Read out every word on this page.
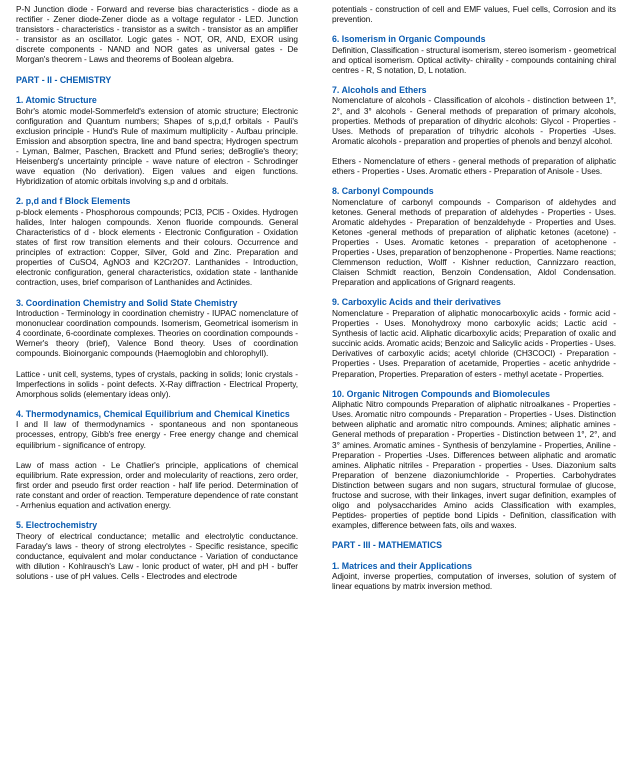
P-N Junction diode - Forward and reverse bias characteristics - diode as a rectifier - Zener diode-Zener diode as a voltage regulator - LED. Junction transistors - characteristics - transistor as a switch - transistor as an amplifier - transistor as an oscillator. Logic gates - NOT, OR, AND, EXOR using discrete components - NAND and NOR gates as universal gates - De Morgan's theorem - Laws and theorems of Boolean algebra.

PART - II - CHEMISTRY
1. Atomic Structure

Bohr's atomic model-Sommerfeld's extension of atomic structure; Electronic configuration and Quantum numbers; Shapes of s,p,d,f orbitals - Pauli's exclusion principle - Hund's Rule of maximum multiplicity - Aufbau principle. Emission and absorption spectra, line and band spectra; Hydrogen spectrum - Lyman, Balmer, Paschen, Brackett and Pfund series; deBroglie's theory; Heisenberg's uncertainty principle - wave nature of electron - Schrodinger wave equation (No derivation). Eigen values and eigen functions. Hybridization of atomic orbitals involving s,p and d orbitals.

2. p,d and f Block Elements

p-block elements - Phosphorous compounds; PCl3, PCl5 - Oxides. Hydrogen halides, Inter halogen compounds. Xenon fluoride compounds. General Characteristics of d - block elements - Electronic Configuration - Oxidation states of first row transition elements and their colours. Occurrence and principles of extraction: Copper, Silver, Gold and Zinc. Preparation and properties of CuSO4, AgNO3 and K2Cr2O7. Lanthanides - Introduction, electronic configuration, general characteristics, oxidation state - lanthanide contraction, uses, brief comparison of Lanthanides and Actinides.

3. Coordination Chemistry and Solid State Chemistry

Introduction - Terminology in coordination chemistry - IUPAC nomenclature of mononuclear coordination compounds. Isomerism, Geometrical isomerism in 4 coordinate, 6-coordinate complexes. Theories on coordination compounds - Werner's theory (brief), Valence Bond theory. Uses of coordination compounds. Bioinorganic compounds (Haemoglobin and chlorophyll).

Lattice - unit cell, systems, types of crystals, packing in solids; Ionic crystals - Imperfections in solids - point defects. X-Ray diffraction - Electrical Property, Amorphous solids (elementary ideas only).

4. Thermodynamics, Chemical Equilibrium and Chemical Kinetics

I and II law of thermodynamics - spontaneous and non spontaneous processes, entropy, Gibb's free energy - Free energy change and chemical equilibrium - significance of entropy.

Law of mass action - Le Chatlier's principle, applications of chemical equilibrium. Rate expression, order and molecularity of reactions, zero order, first order and pseudo first order reaction - half life period. Determination of rate constant and order of reaction. Temperature dependence of rate constant - Arrhenius equation and activation energy.

5. Electrochemistry

Theory of electrical conductance; metallic and electrolytic conductance. Faraday's laws - theory of strong electrolytes - Specific resistance, specific conductance, equivalent and molar conductance - Variation of conductance with dilution - Kohlrausch's Law - Ionic product of water, pH and pH - buffer solutions - use of pH values. Cells - Electrodes and electrode

potentials - construction of cell and EMF values, Fuel cells, Corrosion and its prevention.

6. Isomerism in Organic Compounds

Definition, Classification - structural isomerism, stereo isomerism - geometrical and optical isomerism. Optical activity- chirality - compounds containing chiral centres - R, S notation, D, L notation.

7. Alcohols and Ethers

Nomenclature of alcohols - Classification of alcohols - distinction between 1°, 2°, and 3° alcohols - General methods of preparation of primary alcohols, properties. Methods of preparation of dihydric alcohols: Glycol - Properties - Uses. Methods of preparation of trihydric alcohols - Properties -Uses. Aromatic alcohols - preparation and properties of phenols and benzyl alcohol.

Ethers - Nomenclature of ethers - general methods of preparation of aliphatic ethers - Properties - Uses. Aromatic ethers - Preparation of Anisole - Uses.

8. Carbonyl Compounds

Nomenclature of carbonyl compounds - Comparison of aldehydes and ketones. General methods of preparation of aldehydes - Properties - Uses. Aromatic aldehydes - Preparation of benzaldehyde - Properties and Uses. Ketones -general methods of preparation of aliphatic ketones (acetone) - Properties - Uses. Aromatic ketones - preparation of acetophenone - Properties - Uses, preparation of benzophenone - Properties. Name reactions; Clemmenson reduction, Wolff - Kishner reduction, Cannizzaro reaction, Claisen Schmidt reaction, Benzoin Condensation, Aldol Condensation. Preparation and applications of Grignard reagents.

9. Carboxylic Acids and their derivatives

Nomenclature - Preparation of aliphatic monocarboxylic acids - formic acid - Properties - Uses. Monohydroxy mono carboxylic acids; Lactic acid - Synthesis of lactic acid. Aliphatic dicarboxylic acids; Preparation of oxalic and succinic acids. Aromatic acids; Benzoic and Salicylic acids - Properties - Uses. Derivatives of carboxylic acids; acetyl chloride (CH3COCl) - Preparation - Properties - Uses. Preparation of acetamide, Properties - acetic anhydride - Preparation, Properties. Preparation of esters - methyl acetate - Properties.

10. Organic Nitrogen Compounds and Biomolecules

Aliphatic Nitro compounds Preparation of aliphatic nitroalkanes - Properties - Uses. Aromatic nitro compounds - Preparation - Properties - Uses. Distinction between aliphatic and aromatic nitro compounds. Amines; aliphatic amines - General methods of preparation - Properties - Distinction between 1°, 2°, and 3° amines. Aromatic amines - Synthesis of benzylamine - Properties, Aniline - Preparation - Properties -Uses. Differences between aliphatic and aromatic amines. Aliphatic nitriles - Preparation - properties - Uses. Diazonium salts Preparation of benzene diazoniumchloride - Properties. Carbohydrates Distinction between sugars and non sugars, structural formulae of glucose, fructose and sucrose, with their linkages, invert sugar definition, examples of oligo and polysaccharides Amino acids Classification with examples, Peptides- properties of peptide bond Lipids - Definition, classification with examples, difference between fats, oils and waxes.

PART - III - MATHEMATICS
1. Matrices and their Applications

Adjoint, inverse properties, computation of inverses, solution of system of linear equations by matrix inversion method.
